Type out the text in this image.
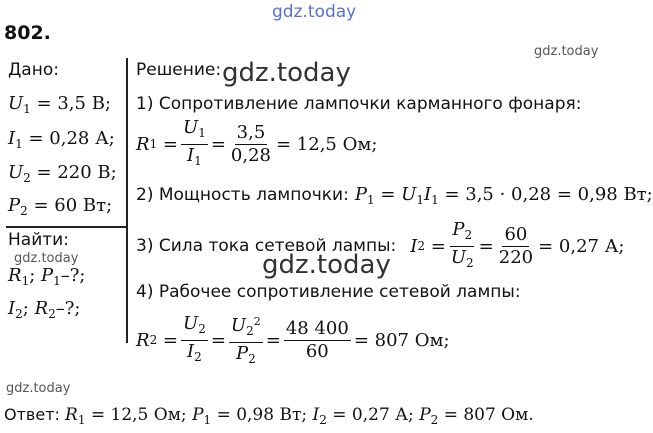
gdz.today
gdz.today
gdz.today
gdz.today	gdz.today
gdz.today
802.
Дано:
$U_1 = 3,5$ В;
$I_1 = 0,28$ А;
$U_2 = 220$ В;
$P_2 = 60$ Вт;
Найти:
$R_1$; $P_1-$?;
$I_2$; $R_2-$?;
Решение:
1) Сопротивление лампочки карманного фонаря:
R $1 = \frac{U_1}{I_1} = \frac{3,5}{0,28} = 12,5$ Ом;
2) Мощность лампочки: $P_1 = U_1I_1 = 3,5 \cdot 0,28 = 0,98$ Вт;
3) Сила тока сетевой лампы: I $2 = \frac{P_2}{U_2} = \frac{60}{220} = 0,27$ А;
4) Рабочее сопротивление сетевой лампы:
R $2 = \frac{U_2}{I_2} = \frac{U_2^2}{P_2} = \frac{48 400}{60} = 807$ Ом;
Ответ: $R_1 = 12,5$ Ом; $P_1 = 0,98$ Вт; $I_2 = 0,27$ А; $P_2 = 807$ Ом.
